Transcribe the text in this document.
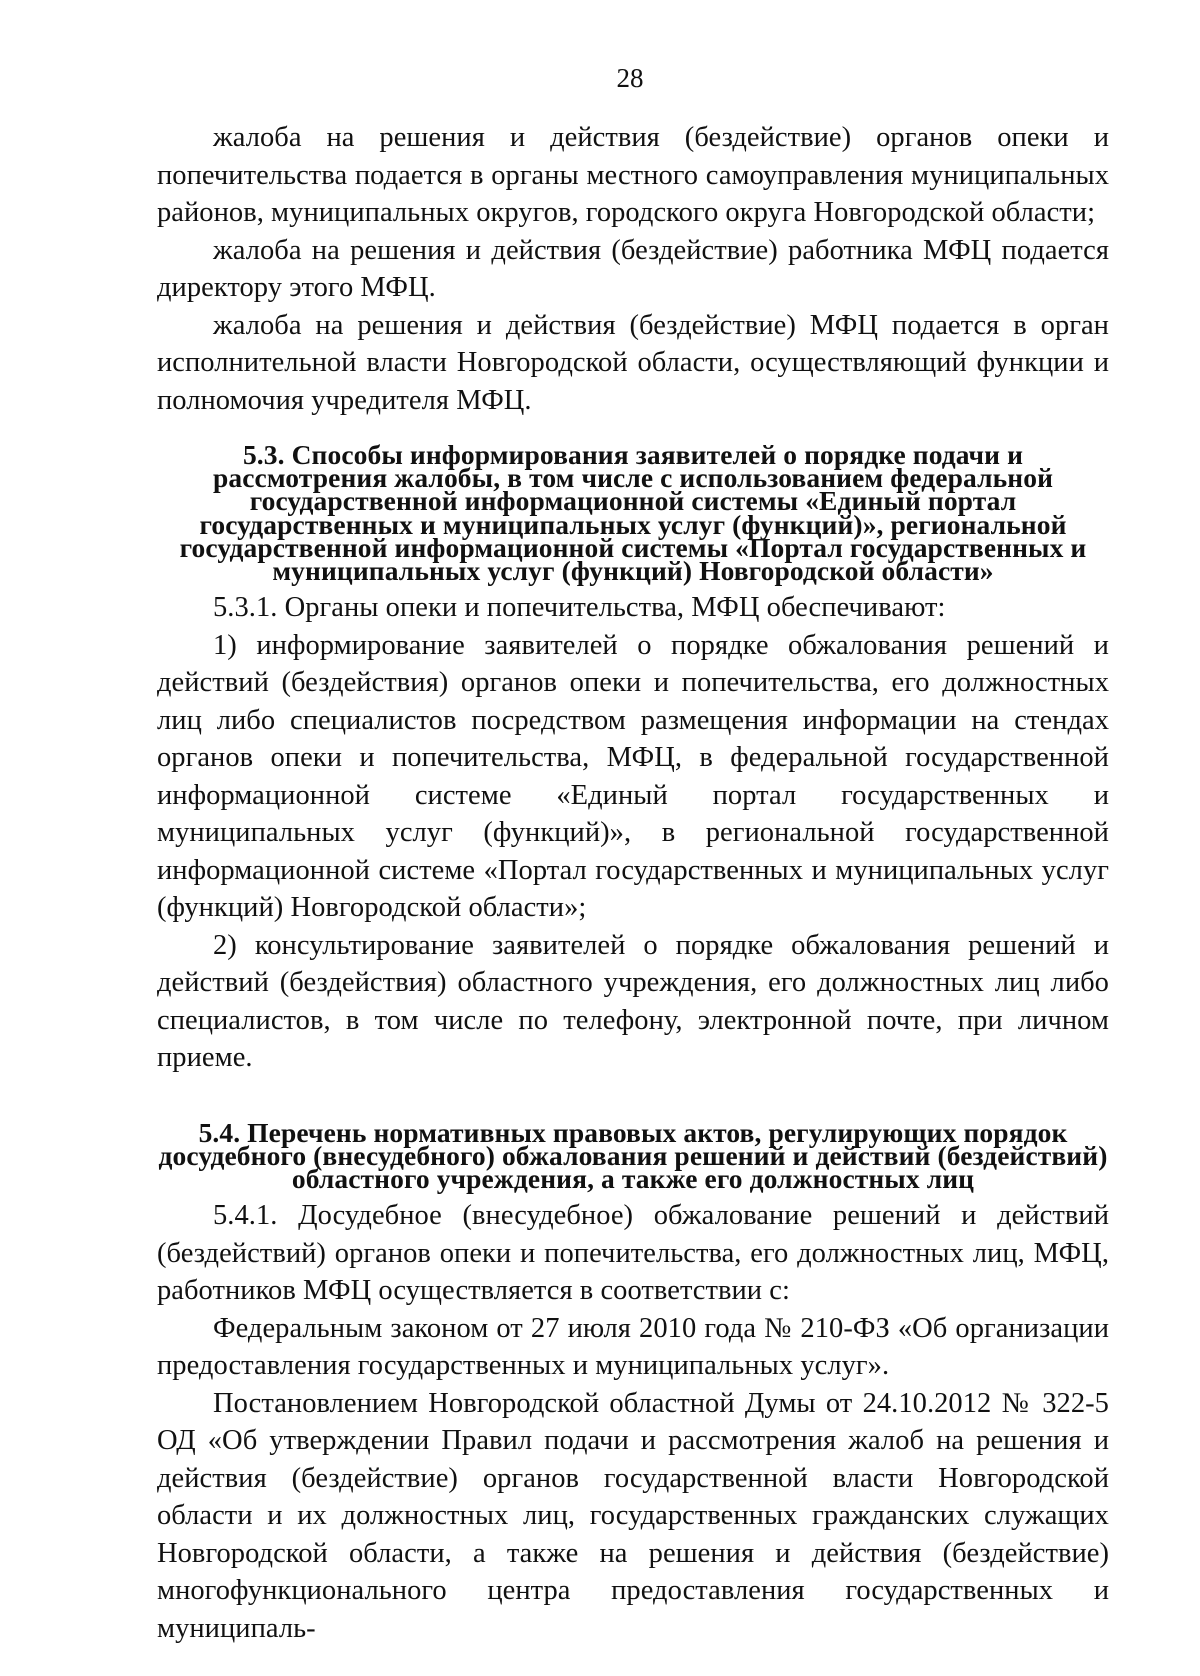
28

жалоба на решения и действия (бездействие) органов опеки и попечительства подается в органы местного самоуправления муниципальных районов, муниципальных округов, городского округа Новгородской области;

жалоба на решения и действия (бездействие) работника МФЦ подается директору этого МФЦ.

жалоба на решения и действия (бездействие) МФЦ подается в орган исполнительной власти Новгородской области, осуществляющий функции и полномочия учредителя МФЦ.

5.3. Способы информирования заявителей о порядке подачи и рассмотрения жалобы, в том числе с использованием федеральной государственной информационной системы «Единый портал государственных и муниципальных услуг (функций)», региональной государственной информационной системы «Портал государственных и муниципальных услуг (функций) Новгородской области»

5.3.1. Органы опеки и попечительства, МФЦ обеспечивают:

1) информирование заявителей о порядке обжалования решений и действий (бездействия) органов опеки и попечительства, его должностных лиц либо специалистов посредством размещения информации на стендах органов опеки и попечительства, МФЦ, в федеральной государственной информационной системе «Единый портал государственных и муниципальных услуг (функций)», в региональной государственной информационной системе «Портал государственных и муниципальных услуг (функций) Новгородской области»;

2) консультирование заявителей о порядке обжалования решений и действий (бездействия) областного учреждения, его должностных лиц либо специалистов, в том числе по телефону, электронной почте, при личном приеме.

5.4. Перечень нормативных правовых актов, регулирующих порядок досудебного (внесудебного) обжалования решений и действий (бездействий) областного учреждения, а также его должностных лиц

5.4.1. Досудебное (внесудебное) обжалование решений и действий (бездействий) органов опеки и попечительства, его должностных лиц, МФЦ, работников МФЦ осуществляется в соответствии с:

Федеральным законом от 27 июля 2010 года № 210-ФЗ «Об организации предоставления государственных и муниципальных услуг».

Постановлением Новгородской областной Думы от 24.10.2012 № 322-5 ОД «Об утверждении Правил подачи и рассмотрения жалоб на решения и действия (бездействие) органов государственной власти Новгородской области и их должностных лиц, государственных гражданских служащих Новгородской области, а также на решения и действия (бездействие) многофункционального центра предоставления государственных и муниципаль-
